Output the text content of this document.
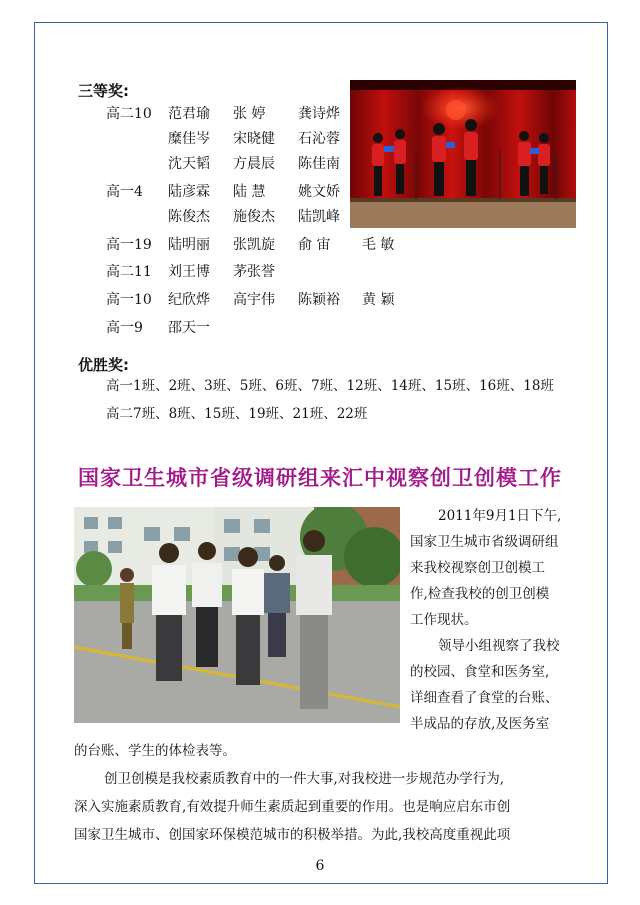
三等奖:
高二10 范君瑜 张 婷 龚诗烨
糜佳岑 宋晓健 石沁蓉
沈天韬 方晨辰 陈佳南
高一4 陆彦霖 陆 慧 姚文娇
陈俊杰 施俊杰 陆凯峰
高一19 陆明丽 张凯旋 俞 宙 毛 敏
高二11 刘王博 茅张誉
高一10 纪欣烨 高宇伟 陈颖裕 黄 颖
高一9 邵天一
优胜奖:
高一1班、2班、3班、5班、6班、7班、12班、14班、15班、16班、18班
高二7班、8班、15班、19班、21班、22班
国家卫生城市省级调研组来汇中视察创卫创模工作
2011年9月1日下午,
国家卫生城市省级调研组
来我校视察创卫创模工
作,检查我校的创卫创模
工作现状。
领导小组视察了我校
的校园、食堂和医务室,
详细查看了食堂的台账、
半成品的存放,及医务室
的台账、学生的体检表等。
创卫创模是我校素质教育中的一件大事,对我校进一步规范办学行为,
深入实施素质教育,有效提升师生素质起到重要的作用。也是响应启东市创
国家卫生城市、创国家环保模范城市的积极举措。为此,我校高度重视此项
6
